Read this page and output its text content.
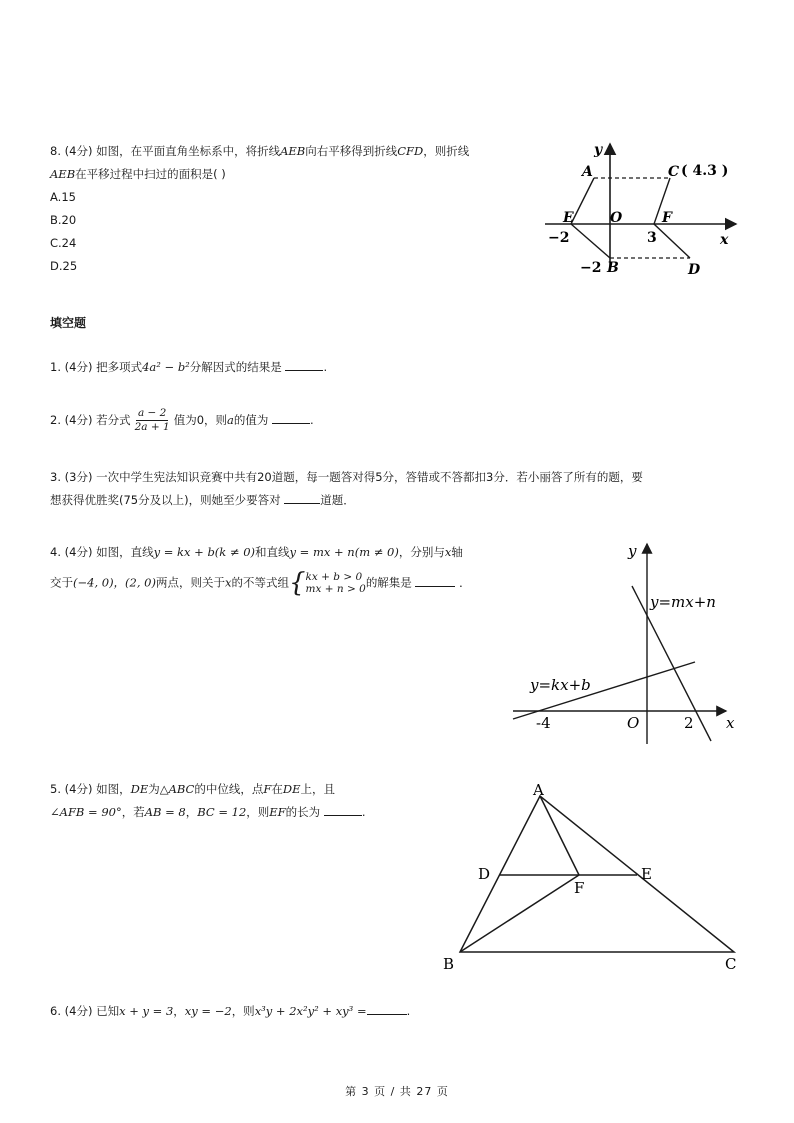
8. (4分) 如图，在平面直角坐标系中，将折线AEB向右平移得到折线CFD，则折线
AEB在平移过程中扫过的面积是( )
A.15
B.20
C.24
D.25
y
A	C ( 4.3 )
E	O	F
x
−2	3
−2 B	D
填空题
1. (4分) 把多项式4a² − b²分解因式的结果是	.
2. (4分) 若分式 $\frac{a - 2}{2a + 1}$ 值为0，则a的值为	.
3. (3分) 一次中学生宪法知识竞赛中共有20道题，每一题答对得5分，答错或不答都扣3分．若小丽答了所有的题，要
想获得优胜奖(75分及以上)，则她至少要答对	道题．
4. (4分) 如图，直线y = kx + b(k ≠ 0)和直线y = mx + n(m ≠ 0)，分别与x轴
交于(−4, 0)，(2, 0)两点，则关于x的不等式组 { kx + b > 0
mx + n > 0 的解集是	．
y
y=mx+n
y=kx+b
-4	O	2 x
5. (4分) 如图，DE为△ABC的中位线，点F在DE上，且
∠AFB = 90°，若AB = 8，BC = 12，则EF的长为	.
A
D	E
F
B	C
6. (4分) 已知x + y = 3，xy = −2，则x³y + 2x²y² + xy³ =	.
第 3 页 / 共 27 页
